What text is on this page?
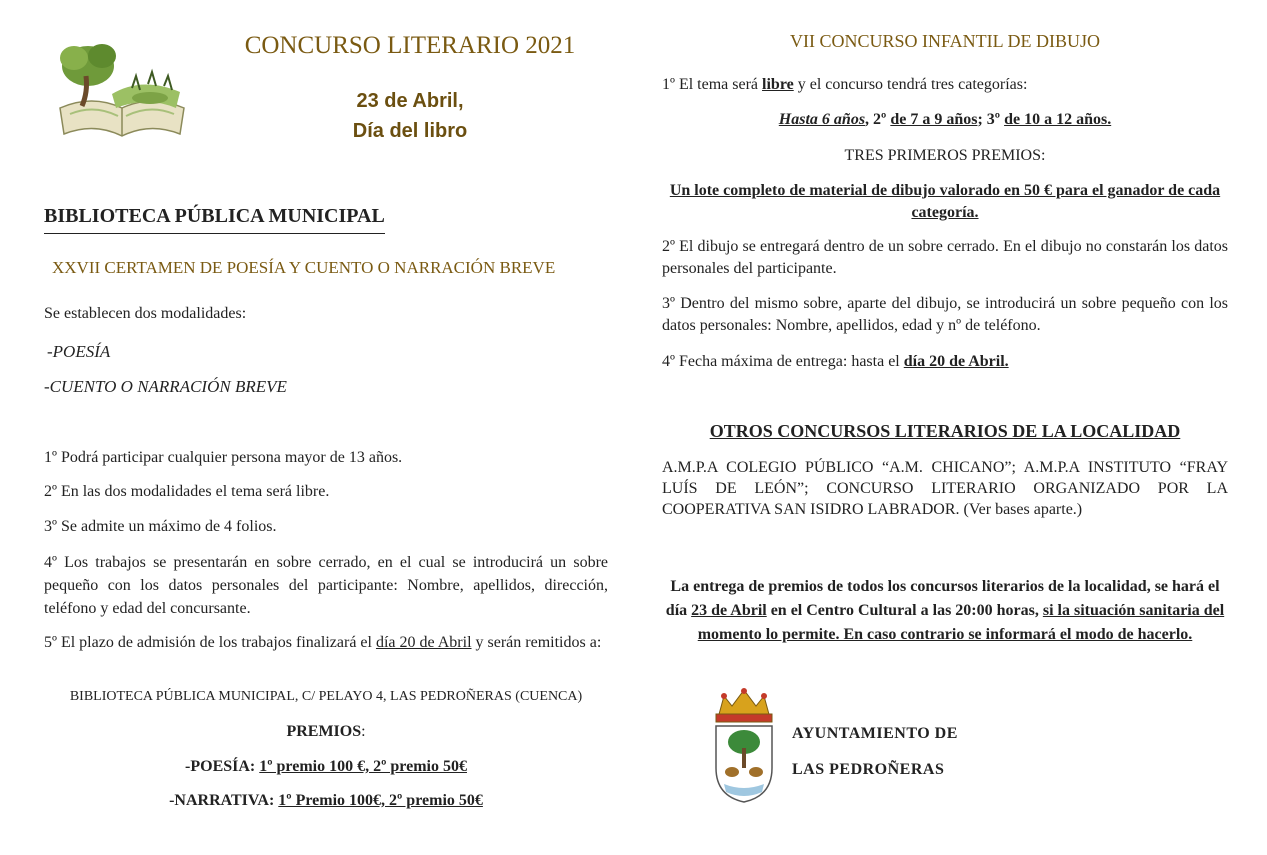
CONCURSO LITERARIO 2021
23 de Abril,
Día del libro
BIBLIOTECA PÚBLICA MUNICIPAL
XXVII CERTAMEN DE POESÍA Y CUENTO O NARRACIÓN BREVE
Se establecen dos modalidades:
-POESÍA
-CUENTO O NARRACIÓN BREVE
1º Podrá participar cualquier persona mayor de 13 años.
2º En las dos modalidades el tema será libre.
3º Se admite un máximo de 4 folios.
4º Los trabajos se presentarán en sobre cerrado, en el cual se introducirá un sobre pequeño con los datos personales del participante: Nombre, apellidos, dirección, teléfono y edad del concursante.
5º El plazo de admisión de los trabajos finalizará el día 20 de Abril y serán remitidos a:
BIBLIOTECA PÚBLICA MUNICIPAL, C/ PELAYO 4, LAS PEDROÑERAS (CUENCA)
PREMIOS:
-POESÍA: 1º premio 100 €, 2º premio 50€
-NARRATIVA: 1º Premio 100€, 2º premio 50€
VII CONCURSO INFANTIL DE DIBUJO
1º El tema será libre y el concurso tendrá tres categorías:
Hasta 6 años, 2º de 7 a 9 años; 3º de 10 a 12 años.
TRES PRIMEROS PREMIOS:
Un lote completo de material de dibujo valorado en 50 € para el ganador de cada categoría.
2º El dibujo se entregará dentro de un sobre cerrado. En el dibujo no constarán los datos personales del participante.
3º Dentro del mismo sobre, aparte del dibujo, se introducirá un sobre pequeño con los datos personales: Nombre, apellidos, edad y nº de teléfono.
4º Fecha máxima de entrega: hasta el día 20 de Abril.
OTROS CONCURSOS LITERARIOS DE LA LOCALIDAD
A.M.P.A COLEGIO PÚBLICO “A.M. CHICANO”; A.M.P.A INSTITUTO “FRAY LUÍS DE LEÓN”; CONCURSO LITERARIO ORGANIZADO POR LA COOPERATIVA SAN ISIDRO LABRADOR. (Ver bases aparte.)
La entrega de premios de todos los concursos literarios de la localidad, se hará el día 23 de Abril en el Centro Cultural a las 20:00 horas, si la situación sanitaria del momento lo permite. En caso contrario se informará el modo de hacerlo.
AYUNTAMIENTO DE
LAS PEDROÑERAS
